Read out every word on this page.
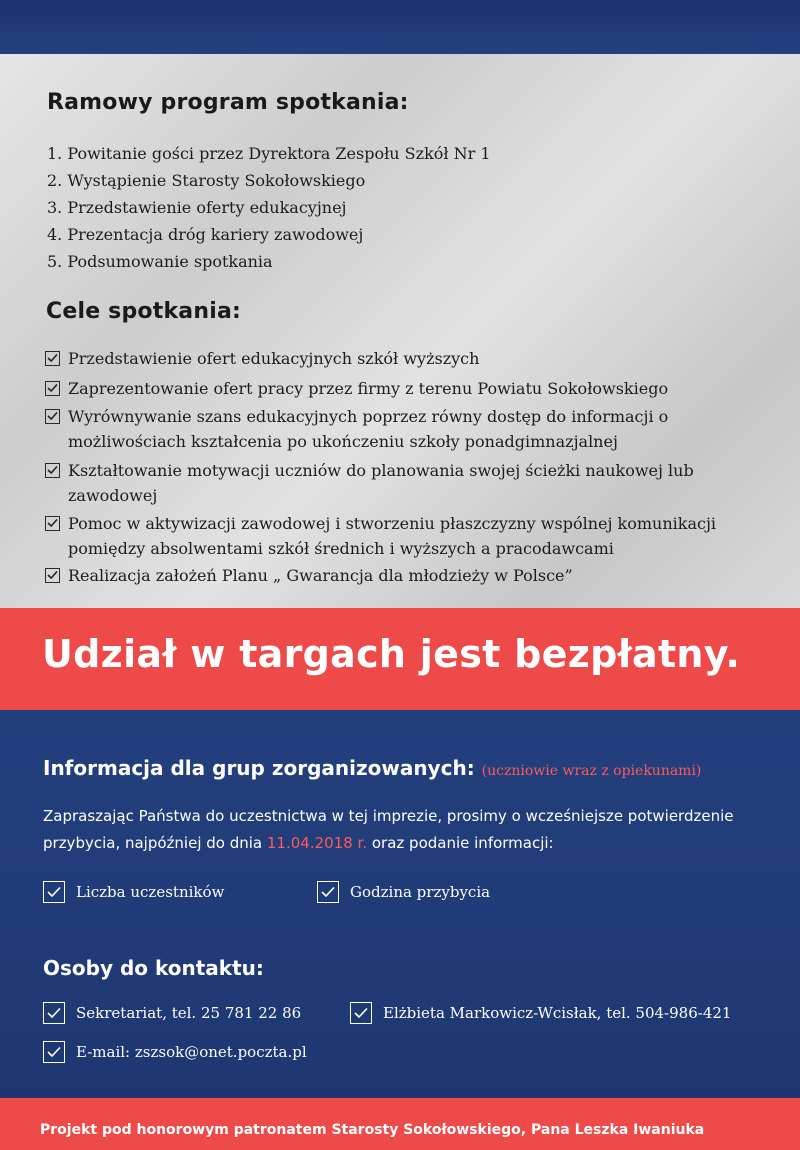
Ramowy program spotkania:
1. Powitanie gości przez Dyrektora Zespołu Szkół Nr 1
2. Wystąpienie Starosty Sokołowskiego
3. Przedstawienie oferty edukacyjnej
4. Prezentacja dróg kariery zawodowej
5. Podsumowanie spotkania
Cele spotkania:
Przedstawienie ofert edukacyjnych szkół wyższych
Zaprezentowanie ofert pracy przez firmy z terenu Powiatu Sokołowskiego
Wyrównywanie szans edukacyjnych poprzez równy dostęp do informacji o możliwościach kształcenia po ukończeniu szkoły ponadgimnazjalnej
Kształtowanie motywacji uczniów do planowania swojej ścieżki naukowej lub zawodowej
Pomoc w aktywizacji zawodowej i stworzeniu płaszczyzny wspólnej komunikacji pomiędzy absolwentami szkół średnich i wyższych a pracodawcami
Realizacja założeń Planu „ Gwarancja dla młodzieży w Polsce”

Udział w targach jest bezpłatny.

Informacja dla grup zorganizowanych: (uczniowie wraz z opiekunami)

Zapraszając Państwa do uczestnictwa w tej imprezie, prosimy o wcześniejsze potwierdzenie przybycia, najpóźniej do dnia 11.04.2018 r. oraz podanie informacji:

Liczba uczestników	Godzina przybycia
Osoby do kontaktu:
Sekretariat, tel. 25 781 22 86	Elżbieta Markowicz-Wcisłak, tel. 504-986-421
E-mail: zszsok@onet.poczta.pl

Projekt pod honorowym patronatem Starosty Sokołowskiego, Pana Leszka Iwaniuka
